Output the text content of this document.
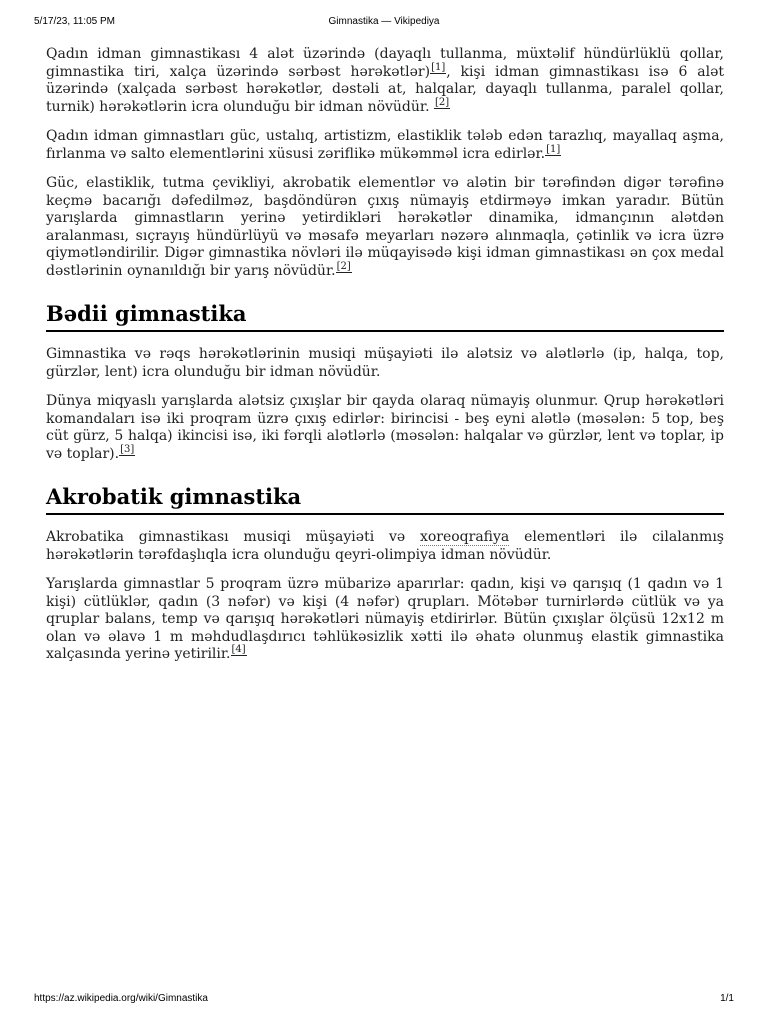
5/17/23, 11:05 PM	Gimnastika — Vikipediya

Qadın idman gimnastikası 4 alət üzərində (dayaqlı tullanma, müxtəlif hündürlüklü qollar, gimnastika tiri, xalça üzərində sərbəst hərəkətlər)[1], kişi idman gimnastikası isə 6 alət üzərində (xalçada sərbəst hərəkətlər, dəstəli at, halqalar, dayaqlı tullanma, paralel qollar, turnik) hərəkətlərin icra olunduğu bir idman növüdür. [2]

Qadın idman gimnastları güc, ustalıq, artistizm, elastiklik tələb edən tarazlıq, mayallaq aşma, fırlanma və salto elementlərini xüsusi zəriflikə mükəmməl icra edirlər.[1]

Güc, elastiklik, tutma çevikliyi, akrobatik elementlər və alətin bir tərəfindən digər tərəfinə keçmə bacarığı dəfedilməz, başdöndürən çıxış nümayiş etdirməyə imkan yaradır. Bütün yarışlarda gimnastların yerinə yetirdikləri hərəkətlər dinamika, idmançının alətdən aralanması, sıçrayış hündürlüyü və məsafə meyarları nəzərə alınmaqla, çətinlik və icra üzrə qiymətləndirilir. Digər gimnastika növləri ilə müqayisədə kişi idman gimnastikası ən çox medal dəstlərinin oynanıldığı bir yarış növüdür.[2]

Bədii gimnastika

Gimnastika və rəqs hərəkətlərinin musiqi müşayiəti ilə alətsiz və alətlərlə (ip, halqa, top, gürzlər, lent) icra olunduğu bir idman növüdür.

Dünya miqyaslı yarışlarda alətsiz çıxışlar bir qayda olaraq nümayiş olunmur. Qrup hərəkətləri komandaları isə iki proqram üzrə çıxış edirlər: birincisi - beş eyni alətlə (məsələn: 5 top, beş cüt gürz, 5 halqa) ikincisi isə, iki fərqli alətlərlə (məsələn: halqalar və gürzlər, lent və toplar, ip və toplar).[3]

Akrobatik gimnastika

Akrobatika gimnastikası musiqi müşayiəti və xoreoqrafiya elementləri ilə cilalanmış hərəkətlərin tərəfdaşlıqla icra olunduğu qeyri-olimpiya idman növüdür.

Yarışlarda gimnastlar 5 proqram üzrə mübarizə aparırlar: qadın, kişi və qarışıq (1 qadın və 1 kişi) cütlüklər, qadın (3 nəfər) və kişi (4 nəfər) qrupları. Mötəbər turnirlərdə cütlük və ya qruplar balans, temp və qarışıq hərəkətləri nümayiş etdirirlər. Bütün çıxışlar ölçüsü 12x12 m olan və əlavə 1 m məhdudlaşdırıcı təhlükəsizlik xətti ilə əhatə olunmuş elastik gimnastika xalçasında yerinə yetirilir.[4]

https://az.wikipedia.org/wiki/Gimnastika	1/1
